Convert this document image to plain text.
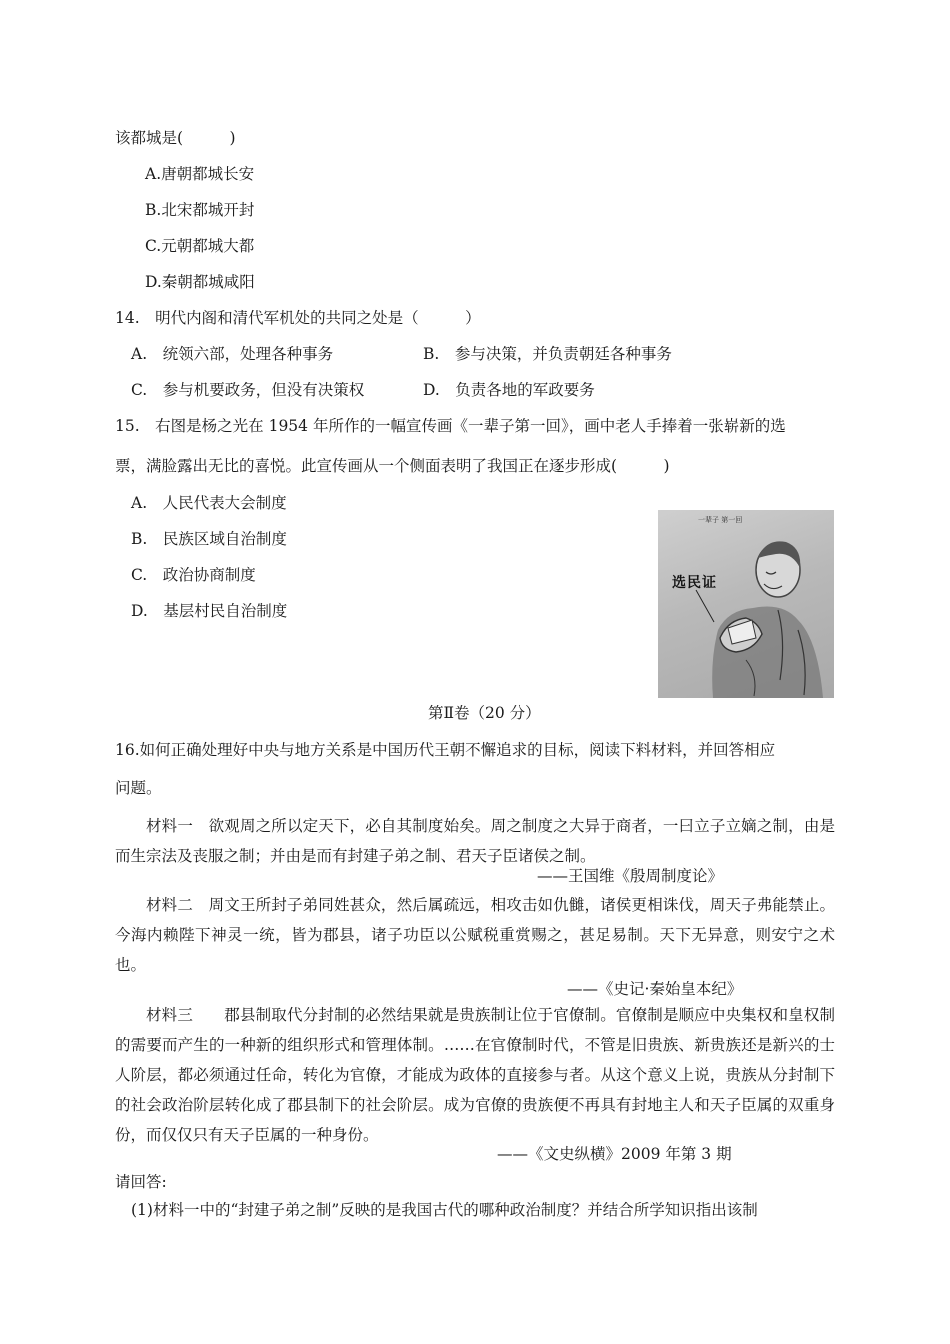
该都城是(　　　)
A.唐朝都城长安
B.北宋都城开封
C.元朝都城大都
D.秦朝都城咸阳
14.　明代内阁和清代军机处的共同之处是（　　　）
A.　统领六部，处理各种事务	B.　参与决策，并负责朝廷各种事务
C.　参与机要政务，但没有决策权	D.　负责各地的军政要务
15.　右图是杨之光在 1954 年所作的一幅宣传画《一辈子第一回》，画中老人手捧着一张崭新的选
票，满脸露出无比的喜悦。此宣传画从一个侧面表明了我国正在逐步形成(　　　)
A.　人民代表大会制度
B.　民族区域自治制度
C.　政治协商制度
D.　基层村民自治制度
一辈子 第一回
选民证
第Ⅱ卷（20 分）
16.如何正确处理好中央与地方关系是中国历代王朝不懈追求的目标，阅读下料材料，并回答相应
问题。
材料一　欲观周之所以定天下，必自其制度始矣。周之制度之大异于商者，一曰立子立嫡之制，由是而生宗法及丧服之制；并由是而有封建子弟之制、君天子臣诸侯之制。
——王国维《殷周制度论》
材料二　周文王所封子弟同姓甚众，然后属疏远，相攻击如仇雠，诸侯更相诛伐，周天子弗能禁止。今海内赖陛下神灵一统，皆为郡县，诸子功臣以公赋税重赏赐之，甚足易制。天下无异意，则安宁之术也。
——《史记·秦始皇本纪》
材料三　　郡县制取代分封制的必然结果就是贵族制让位于官僚制。官僚制是顺应中央集权和皇权制的需要而产生的一种新的组织形式和管理体制。……在官僚制时代，不管是旧贵族、新贵族还是新兴的士人阶层，都必须通过任命，转化为官僚，才能成为政体的直接参与者。从这个意义上说，贵族从分封制下的社会政治阶层转化成了郡县制下的社会阶层。成为官僚的贵族便不再具有封地主人和天子臣属的双重身份，而仅仅只有天子臣属的一种身份。
——《文史纵横》2009 年第 3 期
请回答:
(1)材料一中的“封建子弟之制”反映的是我国古代的哪种政治制度？并结合所学知识指出该制
